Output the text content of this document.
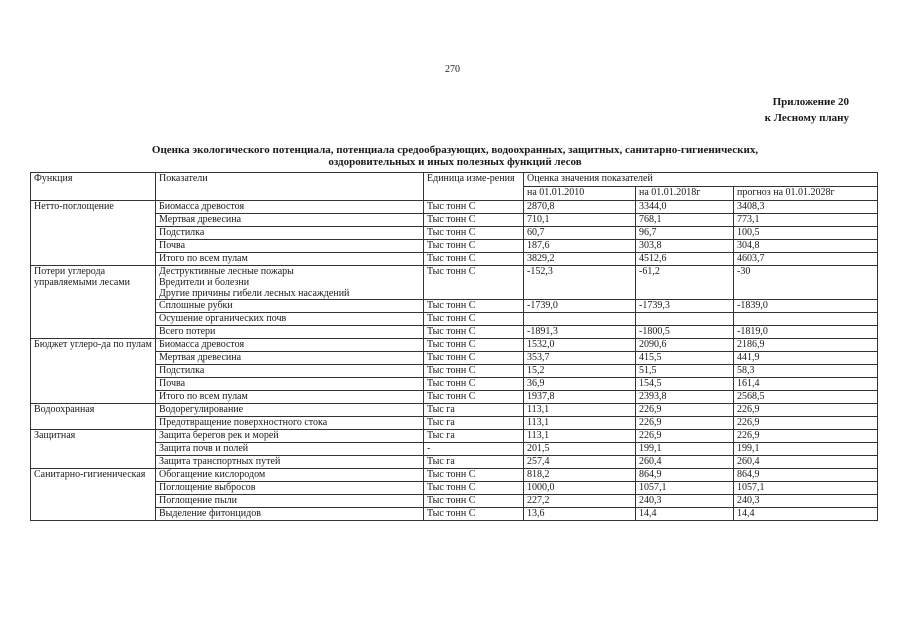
270
Приложение 20
к Лесному плану
Оценка экологического потенциала, потенциала средообразующих, водоохранных, защитных, санитарно-гигиенических,
оздоровительных и иных полезных функций лесов
Функция	Показатели	Единица изме-рения	Оценка значения показателей		
			на 01.01.2010	на 01.01.2018г	прогноз на 01.01.2028г
Нетто-поглощение	Биомасса древостоя	Тыс тонн С	2870,8	3344,0	3408,3
	Мертвая древесина	Тыс тонн С	710,1	768,1	773,1
	Подстилка	Тыс тонн С	60,7	96,7	100,5
	Почва	Тыс тонн С	187,6	303,8	304,8
	Итого по всем пулам	Тыс тонн С	3829,2	4512,6	4603,7
Потери углерода управляемыми лесами	Деструктивные лесные пожары
Вредители и болезни
Другие причины гибели лесных насаждений	Тыс тонн С	-152,3	-61,2	-30
	Сплошные рубки	Тыс тонн С	-1739,0	-1739,3	-1839,0
	Осушение органических почв	Тыс тонн С			
	Всего потери	Тыс тонн С	-1891,3	-1800,5	-1819,0
Бюджет углеро-да по пулам	Биомасса древостоя	Тыс тонн С	1532,0	2090,6	2186,9
	Мертвая древесина	Тыс тонн С	353,7	415,5	441,9
	Подстилка	Тыс тонн С	15,2	51,5	58,3
	Почва	Тыс тонн С	36,9	154,5	161,4
	Итого по всем пулам	Тыс тонн С	1937,8	2393,8	2568,5
Водоохранная	Водорегулирование	Тыс га	113,1	226,9	226,9
	Предотвращение поверхностного стока	Тыс га	113,1	226,9	226,9
Защитная	Защита берегов рек и морей	Тыс га	113,1	226,9	226,9
	Защита почв и полей	-	201,5	199,1	199,1
	Защита транспортных путей	Тыс га	257,4	260,4	260,4
Санитарно-гигиеническая	Обогащение кислородом	Тыс тонн С	818,2	864,9	864,9
	Поглощение выбросов	Тыс тонн С	1000,0	1057,1	1057,1
	Поглощение пыли	Тыс тонн С	227,2	240,3	240,3
	Выделение фитонцидов	Тыс тонн С	13,6	14,4	14,4
